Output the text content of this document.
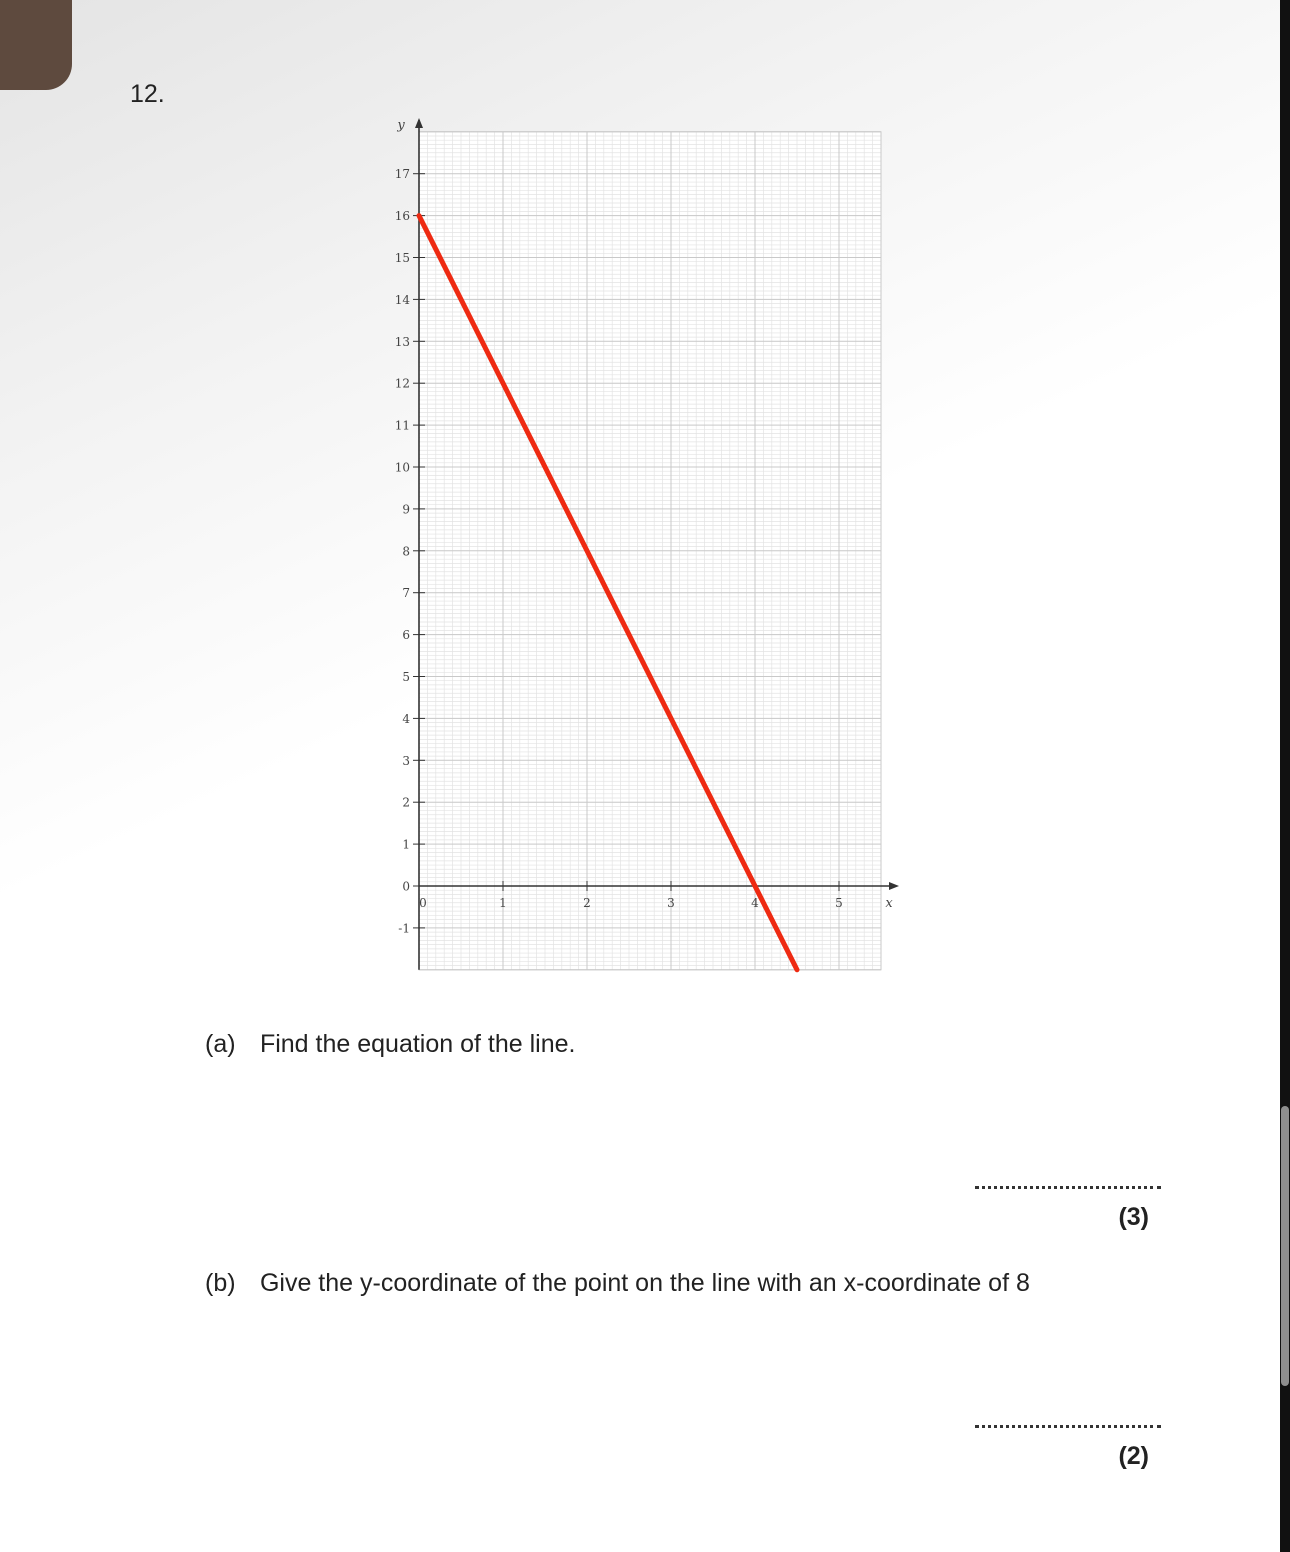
12.
-1
0
1
2
3
4
5
6
7
8
9
10
11
12
13
14
15
16
17
0	1	2	3	4	5
y
x
(a) Find the equation of the line.
(3)
(b) Give the y-coordinate of the point on the line with an x-coordinate of 8
(2)
